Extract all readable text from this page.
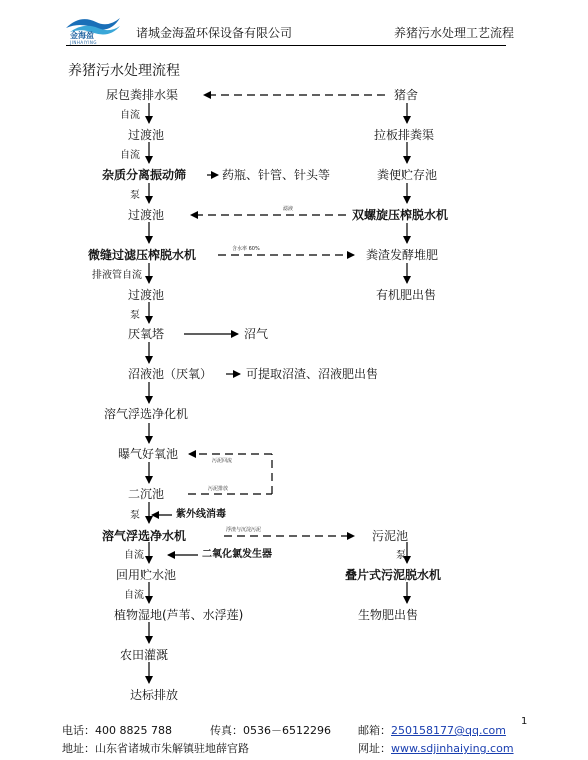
金海盈
JINHAIYING
诸城金海盈环保设备有限公司	养猪污水处理工艺流程
养猪污水处理流程
尿包粪排水渠
自流
过渡池
自流
杂质分离振动筛
泵
过渡池
微缝过滤压榨脱水机
排液管自流
过渡池
泵
厌氧塔
沼液池（厌氧）
溶气浮选净化机
曝气好氧池
二沉池
泵
溶气浮选净水机
自流
回用贮水池
自流
植物湿地(芦苇、水浮莲)
农田灌溉
达标排放
猪舍
拉板排粪渠
粪便贮存池
双螺旋压榨脱水机
粪渣发酵堆肥
有机肥出售
污泥池
泵
叠片式污泥脱水机
生物肥出售
药瓶、针管、针头等
沼气
可提取沼渣、沼液肥出售
紫外线消毒
二氧化氯发生器
滤液
含水率 60%
污泥回流
污泥排放
浮渣与沉淀污泥
电话：400 8825 788	传真：0536－6512296 邮箱：250158177@qq.com
地址：山东省诸城市朱解镇驻地薛官路	网址：www.sdjinhaiying.com
1
